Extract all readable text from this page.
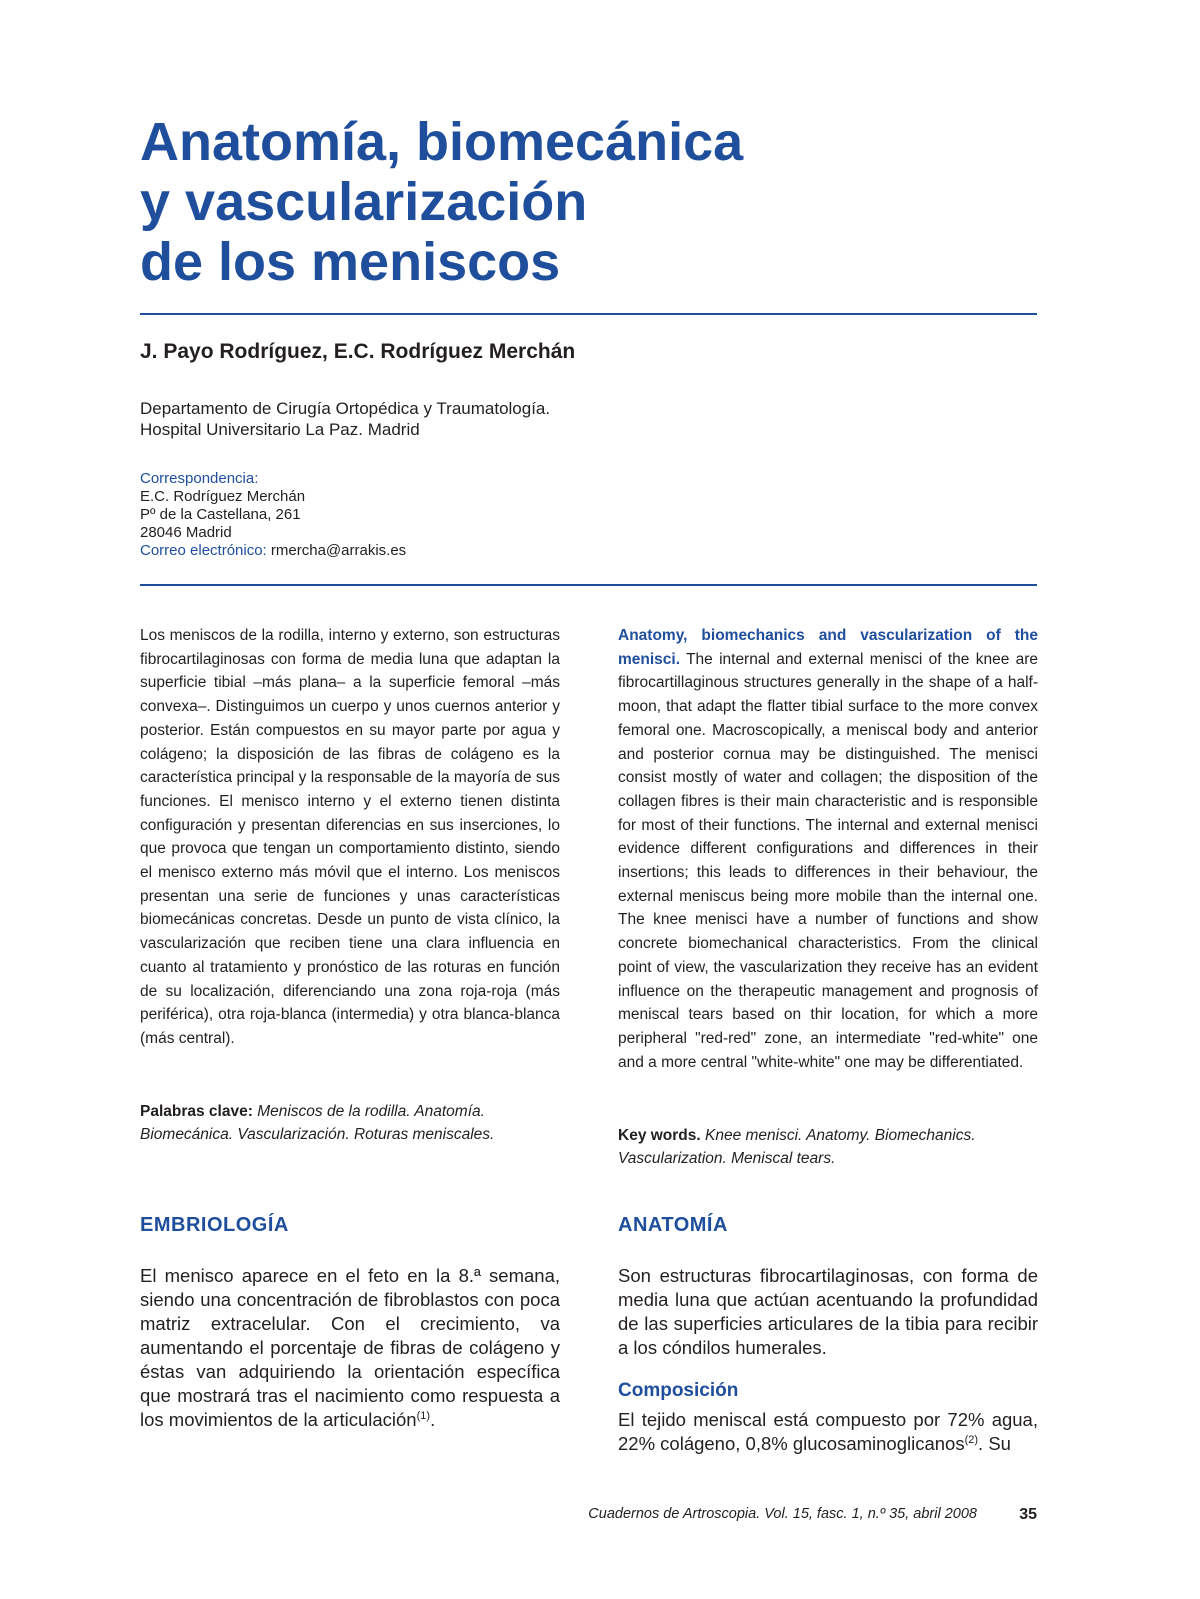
Anatomía, biomecánica
y vascularización
de los meniscos

J. Payo Rodríguez, E.C. Rodríguez Merchán

Departamento de Cirugía Ortopédica y Traumatología.
Hospital Universitario La Paz. Madrid
Correspondencia:
E.C. Rodríguez Merchán
Pº de la Castellana, 261
28046 Madrid
Correo electrónico: rmercha@arrakis.es

Los meniscos de la rodilla, interno y externo, son estructuras fibrocartilaginosas con forma de media luna que adaptan la superficie tibial –más plana– a la superficie femoral –más convexa–. Distinguimos un cuerpo y unos cuernos anterior y posterior. Están compuestos en su mayor parte por agua y colágeno; la disposición de las fibras de colágeno es la característica principal y la responsable de la mayoría de sus funciones. El menisco interno y el externo tienen distinta configuración y presentan diferencias en sus inserciones, lo que provoca que tengan un comportamiento distinto, siendo el menisco externo más móvil que el interno. Los meniscos presentan una serie de funciones y unas características biomecánicas concretas. Desde un punto de vista clínico, la vascularización que reciben tiene una clara influencia en cuanto al tratamiento y pronóstico de las roturas en función de su localización, diferenciando una zona roja-roja (más periférica), otra roja-blanca (intermedia) y otra blanca-blanca (más central).

Palabras clave: Meniscos de la rodilla. Anatomía. Biomecánica. Vascularización. Roturas meniscales.

Anatomy, biomechanics and vascularization of the menisci. The internal and external menisci of the knee are fibrocartillaginous structures generally in the shape of a half-moon, that adapt the flatter tibial surface to the more convex femoral one. Macroscopically, a meniscal body and anterior and posterior cornua may be distinguished. The menisci consist mostly of water and collagen; the disposition of the collagen fibres is their main characteristic and is responsible for most of their functions. The internal and external menisci evidence different configurations and differences in their insertions; this leads to differences in their behaviour, the external meniscus being more mobile than the internal one. The knee menisci have a number of functions and show concrete biomechanical characteristics. From the clinical point of view, the vascularization they receive has an evident influence on the therapeutic management and prognosis of meniscal tears based on thir location, for which a more peripheral "red-red" zone, an intermediate "red-white" one and a more central "white-white" one may be differentiated.

Key words. Knee menisci. Anatomy. Biomechanics. Vascularization. Meniscal tears.

EMBRIOLOGÍA

El menisco aparece en el feto en la 8.ª semana, siendo una concentración de fibroblastos con poca matriz extracelular. Con el crecimiento, va aumentando el porcentaje de fibras de colágeno y éstas van adquiriendo la orientación específica que mostrará tras el nacimiento como respuesta a los movimientos de la articulación$^{(1)}$.

ANATOMÍA

Son estructuras fibrocartilaginosas, con forma de media luna que actúan acentuando la profundidad de las superficies articulares de la tibia para recibir a los cóndilos humerales.

Composición

El tejido meniscal está compuesto por 72% agua, 22% colágeno, 0,8% glucosaminoglicanos$^{(2)}$. Su

Cuadernos de Artroscopia. Vol. 15, fasc. 1, n.º 35, abril 2008	35
